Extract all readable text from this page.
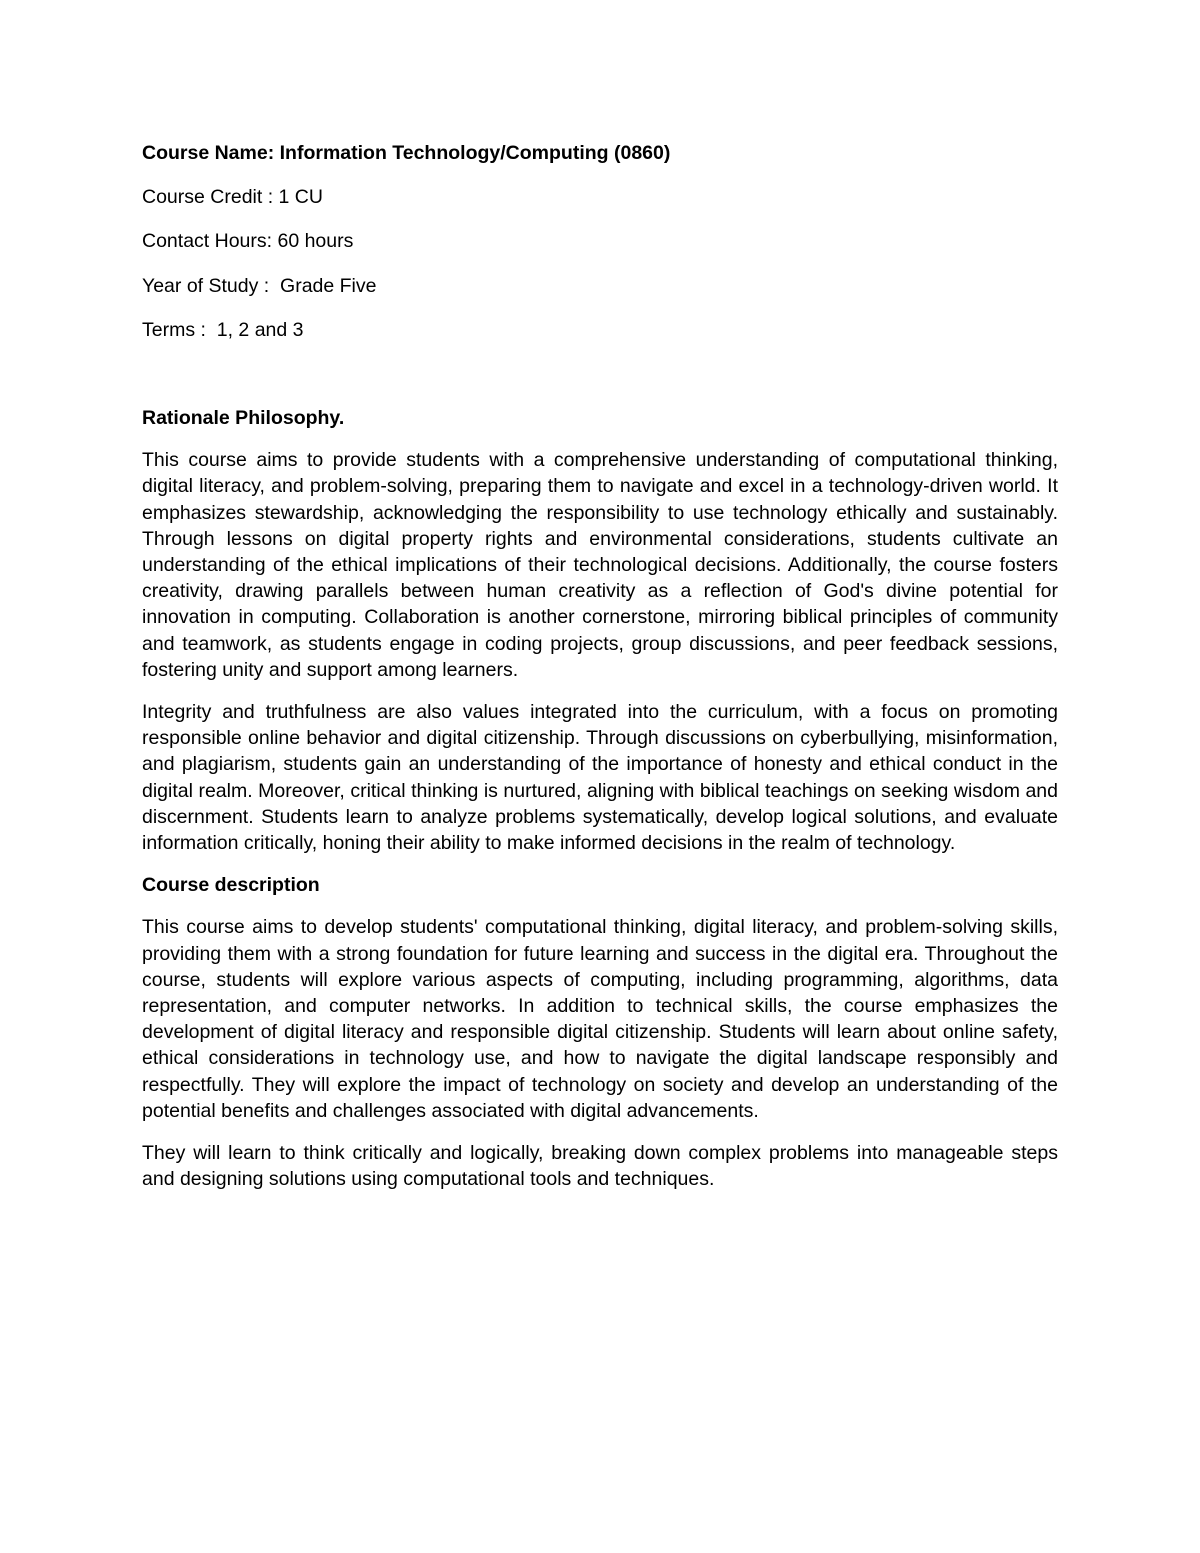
Course Name: Information Technology/Computing (0860)

Course Credit : 1 CU

Contact Hours: 60 hours

Year of Study :  Grade Five

Terms :  1, 2 and 3

Rationale Philosophy.

This course aims to provide students with a comprehensive understanding of computational thinking, digital literacy, and problem-solving, preparing them to navigate and excel in a technology-driven world. It emphasizes stewardship, acknowledging the responsibility to use technology ethically and sustainably. Through lessons on digital property rights and environmental considerations, students cultivate an understanding of the ethical implications of their technological decisions. Additionally, the course fosters creativity, drawing parallels between human creativity as a reflection of God's divine potential for innovation in computing. Collaboration is another cornerstone, mirroring biblical principles of community and teamwork, as students engage in coding projects, group discussions, and peer feedback sessions, fostering unity and support among learners.

Integrity and truthfulness are also values integrated into the curriculum, with a focus on promoting responsible online behavior and digital citizenship. Through discussions on cyberbullying, misinformation, and plagiarism, students gain an understanding of the importance of honesty and ethical conduct in the digital realm. Moreover, critical thinking is nurtured, aligning with biblical teachings on seeking wisdom and discernment. Students learn to analyze problems systematically, develop logical solutions, and evaluate information critically, honing their ability to make informed decisions in the realm of technology.

Course description

This course aims to develop students' computational thinking, digital literacy, and problem-solving skills, providing them with a strong foundation for future learning and success in the digital era. Throughout the course, students will explore various aspects of computing, including programming, algorithms, data representation, and computer networks. In addition to technical skills, the course emphasizes the development of digital literacy and responsible digital citizenship. Students will learn about online safety, ethical considerations in technology use, and how to navigate the digital landscape responsibly and respectfully. They will explore the impact of technology on society and develop an understanding of the potential benefits and challenges associated with digital advancements.

They will learn to think critically and logically, breaking down complex problems into manageable steps and designing solutions using computational tools and techniques.
